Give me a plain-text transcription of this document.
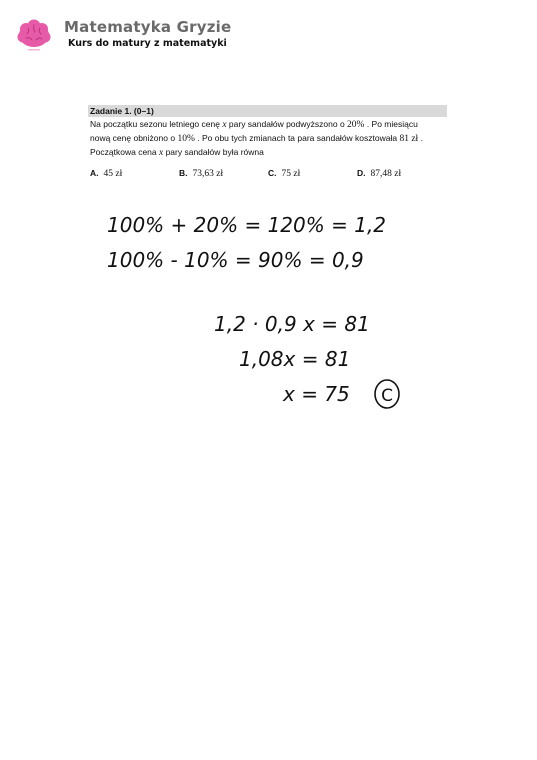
Matematyka Gryzie
Kurs do matury z matematyki
Zadanie 1. (0–1)
Na początku sezonu letniego cenę x pary sandałów podwyższono o 20% . Po miesiącu
nową cenę obniżono o 10% . Po obu tych zmianach ta para sandałów kosztowała 81 zł .
Początkowa cena x pary sandałów była równa
A. 45 zł	B. 73,63 zł	C. 75 zł	D. 87,48 zł
100% + 20% = 120% = 1,2
100% - 10% = 90% = 0,9
1,2 · 0,9 x = 81
1,08x = 81
x = 75 C
